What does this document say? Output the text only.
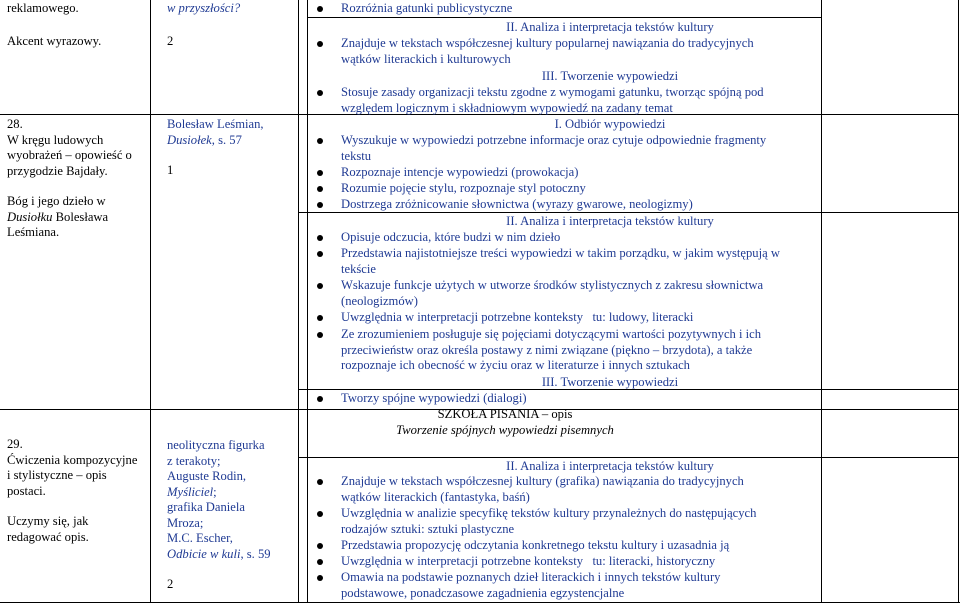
reklamowego.
Akcent wyrazowy.
28.
W kręgu ludowych
wyobrażeń – opowieść o
przygodzie Bajdały.
Bóg i jego dzieło w
Dusiołku Bolesława
Leśmiana.
29.
Ćwiczenia kompozycyjne
i stylistyczne – opis
postaci.
Uczymy się, jak
redagować opis.
w przyszłości?
2
Bolesław Leśmian,
Dusiołek, s. 57
1
neolityczna figurka
z terakoty;
Auguste Rodin,
Myśliciel;
grafika Daniela
Mroza;
M.C. Escher,
Odbicie w kuli, s. 59
2
Rozróżnia gatunki publicystyczne
II. Analiza i interpretacja tekstów kultury
Znajduje w tekstach współczesnej kultury popularnej nawiązania do tradycyjnych
wątków literackich i kulturowych
III. Tworzenie wypowiedzi
Stosuje zasady organizacji tekstu zgodne z wymogami gatunku, tworząc spójną pod
względem logicznym i składniowym wypowiedź na zadany temat
I. Odbiór wypowiedzi
Wyszukuje w wypowiedzi potrzebne informacje oraz cytuje odpowiednie fragmenty
tekstu
Rozpoznaje intencje wypowiedzi (prowokacja)
Rozumie pojęcie stylu, rozpoznaje styl potoczny
Dostrzega zróżnicowanie słownictwa (wyrazy gwarowe, neologizmy)
II. Analiza i interpretacja tekstów kultury
Opisuje odczucia, które budzi w nim dzieło
Przedstawia najistotniejsze treści wypowiedzi w takim porządku, w jakim występują w
tekście
Wskazuje funkcje użytych w utworze środków stylistycznych z zakresu słownictwa
(neologizmów)
Uwzględnia w interpretacji potrzebne konteksty   tu: ludowy, literacki
Ze zrozumieniem posługuje się pojęciami dotyczącymi wartości pozytywnych i ich
przeciwieństw oraz określa postawy z nimi związane (piękno – brzydota), a także
rozpoznaje ich obecność w życiu oraz w literaturze i innych sztukach
III. Tworzenie wypowiedzi
Tworzy spójne wypowiedzi (dialogi)
SZKOŁA PISANIA – opis
Tworzenie spójnych wypowiedzi pisemnych
II. Analiza i interpretacja tekstów kultury
Znajduje w tekstach współczesnej kultury (grafika) nawiązania do tradycyjnych
wątków literackich (fantastyka, baśń)
Uwzględnia w analizie specyfikę tekstów kultury przynależnych do następujących
rodzajów sztuki: sztuki plastyczne
Przedstawia propozycję odczytania konkretnego tekstu kultury i uzasadnia ją
Uwzględnia w interpretacji potrzebne konteksty   tu: literacki, historyczny
Omawia na podstawie poznanych dzieł literackich i innych tekstów kultury
podstawowe, ponadczasowe zagadnienia egzystencjalne
